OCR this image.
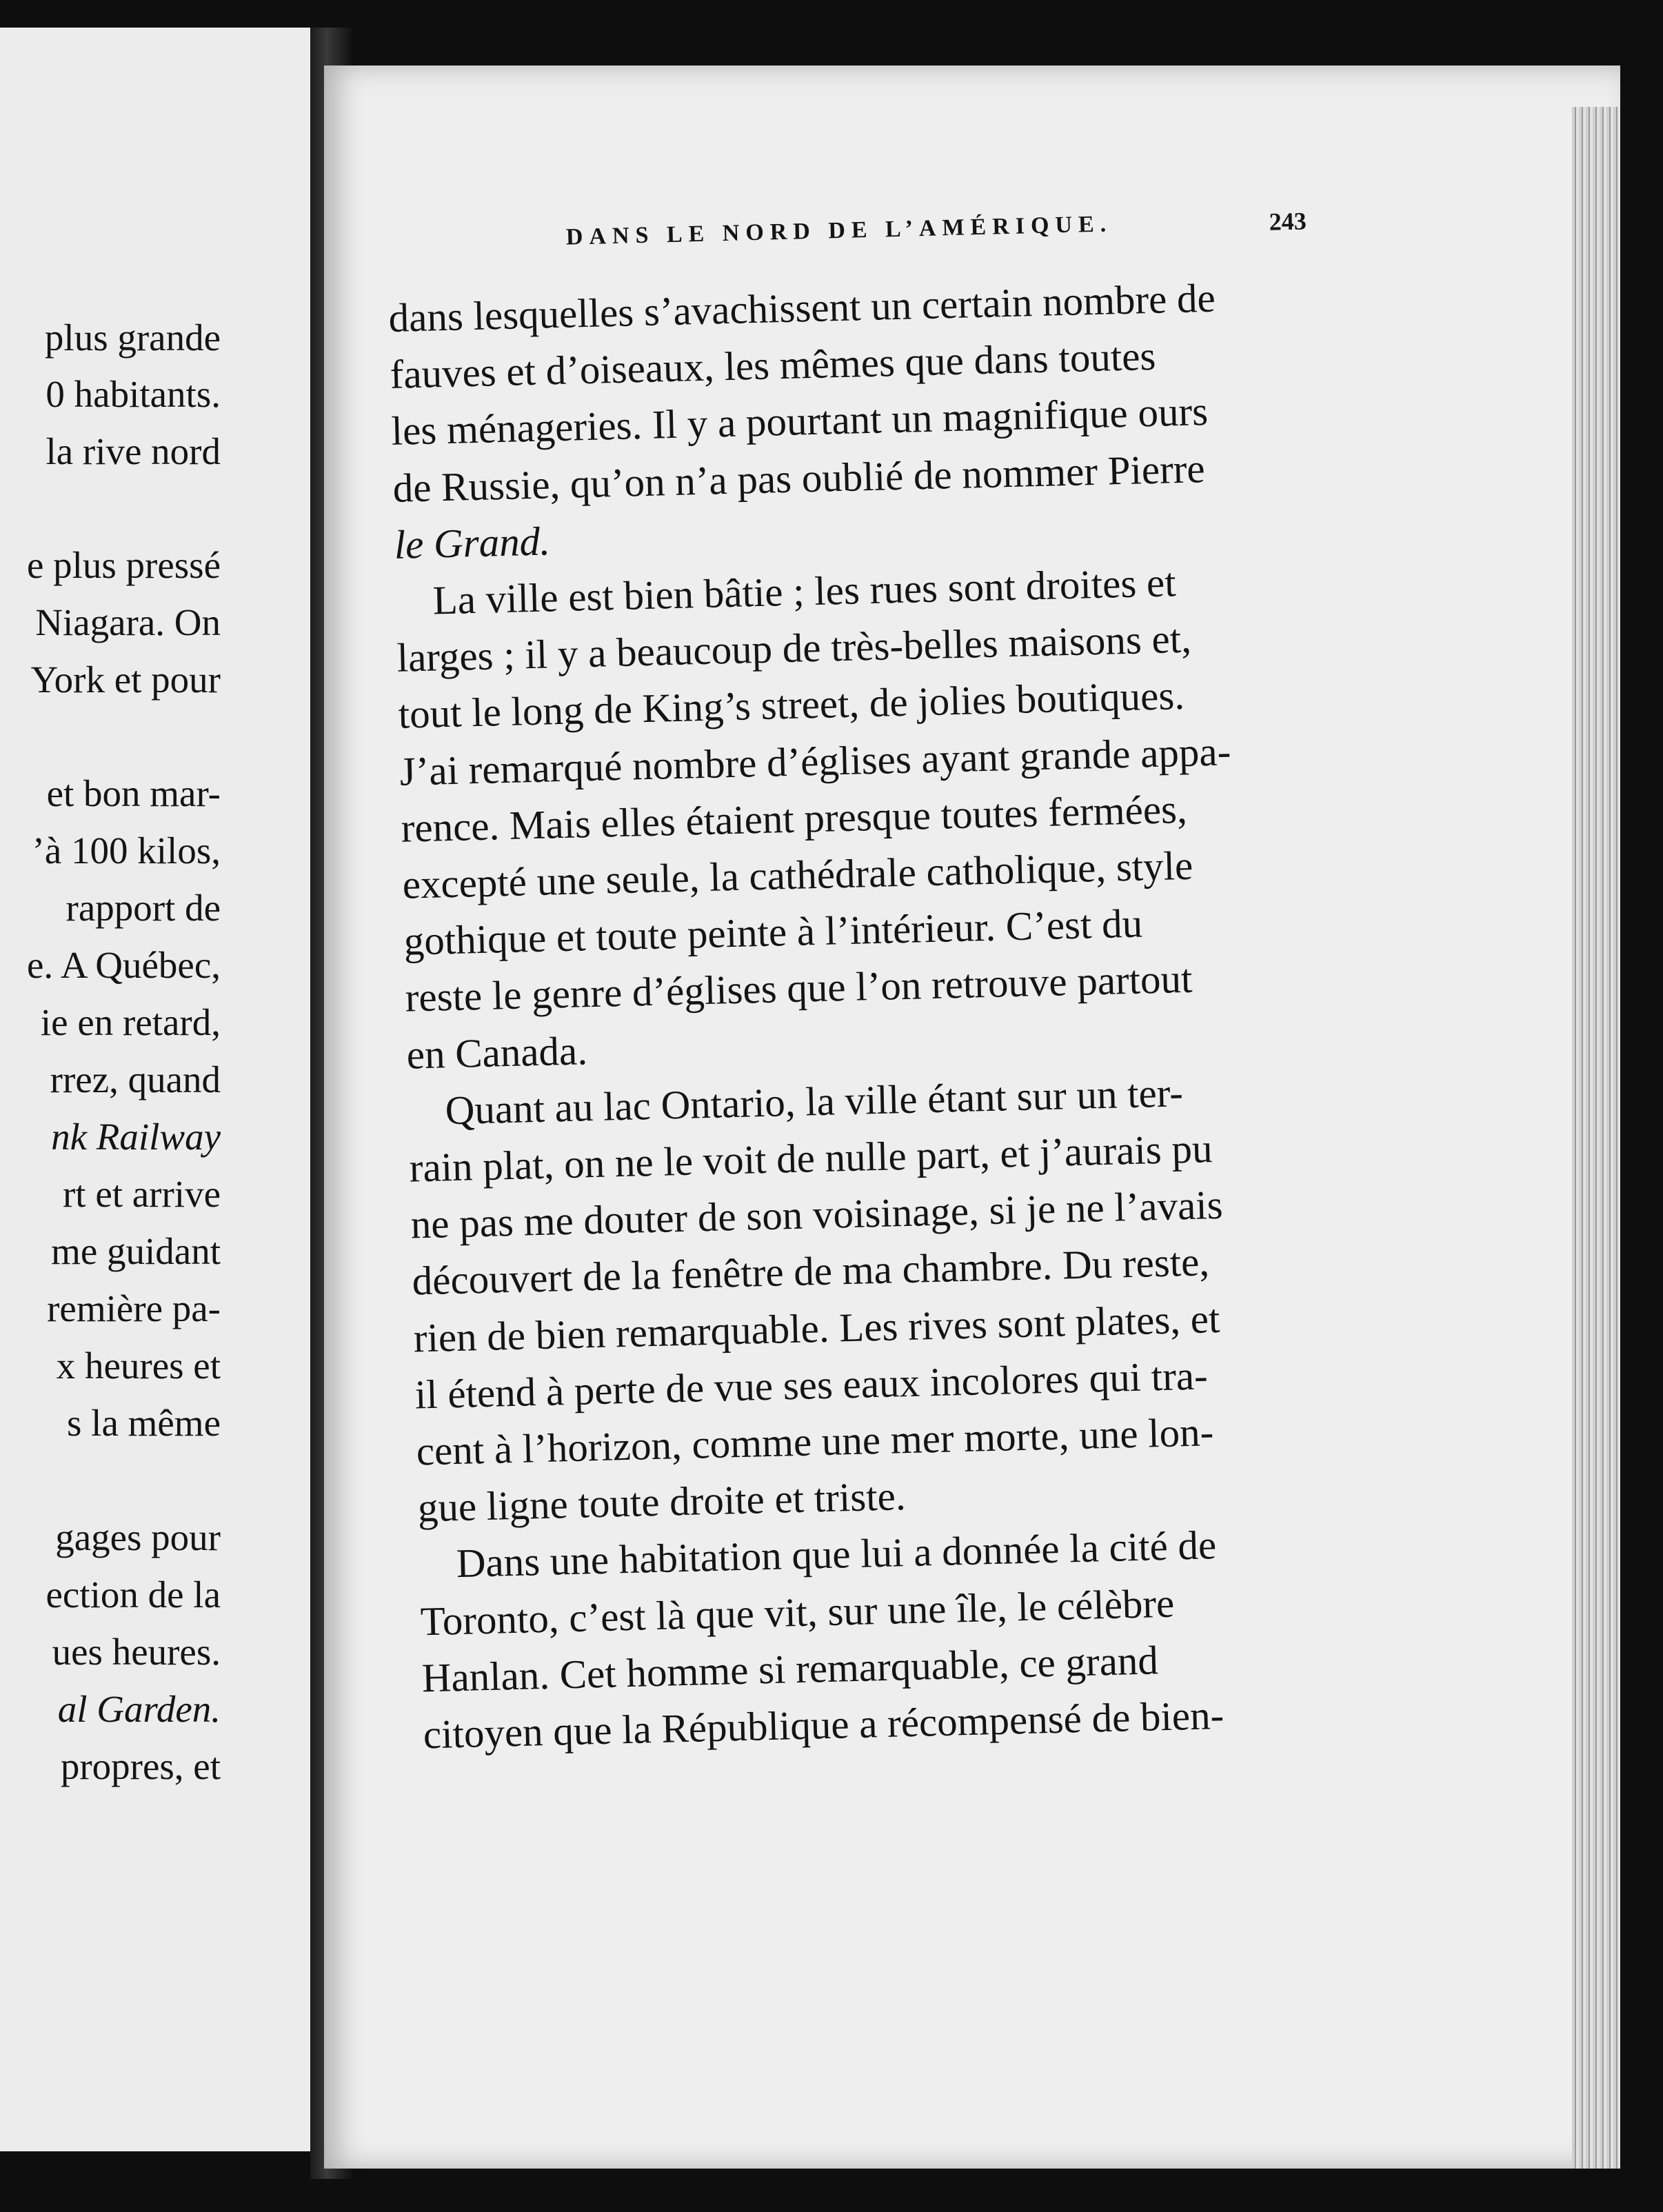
plus grande
0 habitants.
la rive nord
e plus pressé
Niagara. On
York et pour
et bon mar-
’à 100 kilos,
rapport de
e. A Québec,
ie en retard,
rrez, quand
nk Railway
rt et arrive
me guidant
remière pa-
x heures et
s la même
gages pour
ection de la
ues heures.
al Garden.
propres, et
DANS LE NORD DE L’AMÉRIQUE.	243
dans lesquelles s’avachissent un certain nombre de
fauves et d’oiseaux, les mêmes que dans toutes
les ménageries. Il y a pourtant un magnifique ours
de Russie, qu’on n’a pas oublié de nommer Pierre
le Grand.
La ville est bien bâtie ; les rues sont droites et
larges ; il y a beaucoup de très-belles maisons et,
tout le long de King’s street, de jolies boutiques.
J’ai remarqué nombre d’églises ayant grande appa-
rence. Mais elles étaient presque toutes fermées,
excepté une seule, la cathédrale catholique, style
gothique et toute peinte à l’intérieur. C’est du
reste le genre d’églises que l’on retrouve partout
en Canada.
Quant au lac Ontario, la ville étant sur un ter-
rain plat, on ne le voit de nulle part, et j’aurais pu
ne pas me douter de son voisinage, si je ne l’avais
découvert de la fenêtre de ma chambre. Du reste,
rien de bien remarquable. Les rives sont plates, et
il étend à perte de vue ses eaux incolores qui tra-
cent à l’horizon, comme une mer morte, une lon-
gue ligne toute droite et triste.
Dans une habitation que lui a donnée la cité de
Toronto, c’est là que vit, sur une île, le célèbre
Hanlan. Cet homme si remarquable, ce grand
citoyen que la République a récompensé de bien-
